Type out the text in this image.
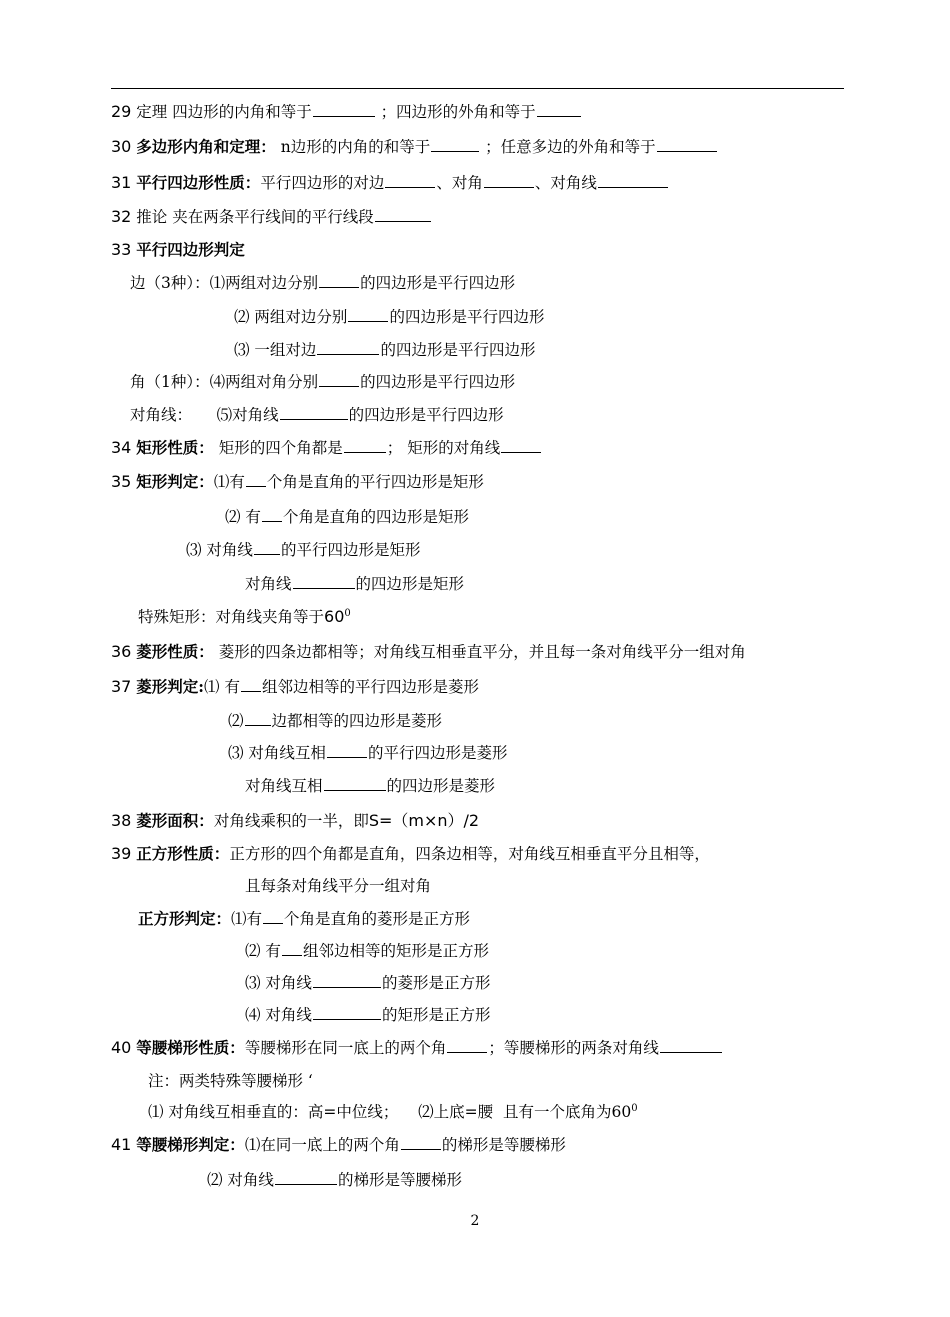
29 定理 四边形的内角和等于	；四边形的外角和等于
30 多边形内角和定理： n边形的内角的和等于	；任意多边的外角和等于
31 平行四边形性质：平行四边形的对边	、对角	、对角线
32 推论 夹在两条平行线间的平行线段
33 平行四边形判定
边（3种）：⑴两组对边分别	的四边形是平行四边形
⑵ 两组对边分别	的四边形是平行四边形
⑶ 一组对边	的四边形是平行四边形
角（1种）：⑷两组对角分别	的四边形是平行四边形
对角线：     ⑸对角线	的四边形是平行四边形
34 矩形性质： 矩形的四个角都是	； 矩形的对角线
35 矩形判定：⑴有 个角是直角的平行四边形是矩形
⑵ 有 个角是直角的四边形是矩形
⑶ 对角线 的平行四边形是矩形
对角线	的四边形是矩形
特殊矩形：对角线夹角等于$60^0$
36 菱形性质： 菱形的四条边都相等；对角线互相垂直平分，并且每一条对角线平分一组对角
37 菱形判定:⑴ 有 组邻边相等的平行四边形是菱形
⑵ 边都相等的四边形是菱形
⑶ 对角线互相	的平行四边形是菱形
对角线互相	的四边形是菱形
38 菱形面积：对角线乘积的一半，即S=（m×n）/2
39 正方形性质：正方形的四个角都是直角，四条边相等，对角线互相垂直平分且相等，
且每条对角线平分一组对角
正方形判定：⑴有 个角是直角的菱形是正方形
⑵ 有 组邻边相等的矩形是正方形
⑶ 对角线	的菱形是正方形
⑷ 对角线	的矩形是正方形
40 等腰梯形性质：等腰梯形在同一底上的两个角	；等腰梯形的两条对角线
注：两类特殊等腰梯形 ‘
⑴ 对角线互相垂直的：高=中位线；    ⑵上底=腰  且有一个底角为$60^0$
41 等腰梯形判定：⑴在同一底上的两个角	的梯形是等腰梯形
⑵ 对角线	的梯形是等腰梯形
2
